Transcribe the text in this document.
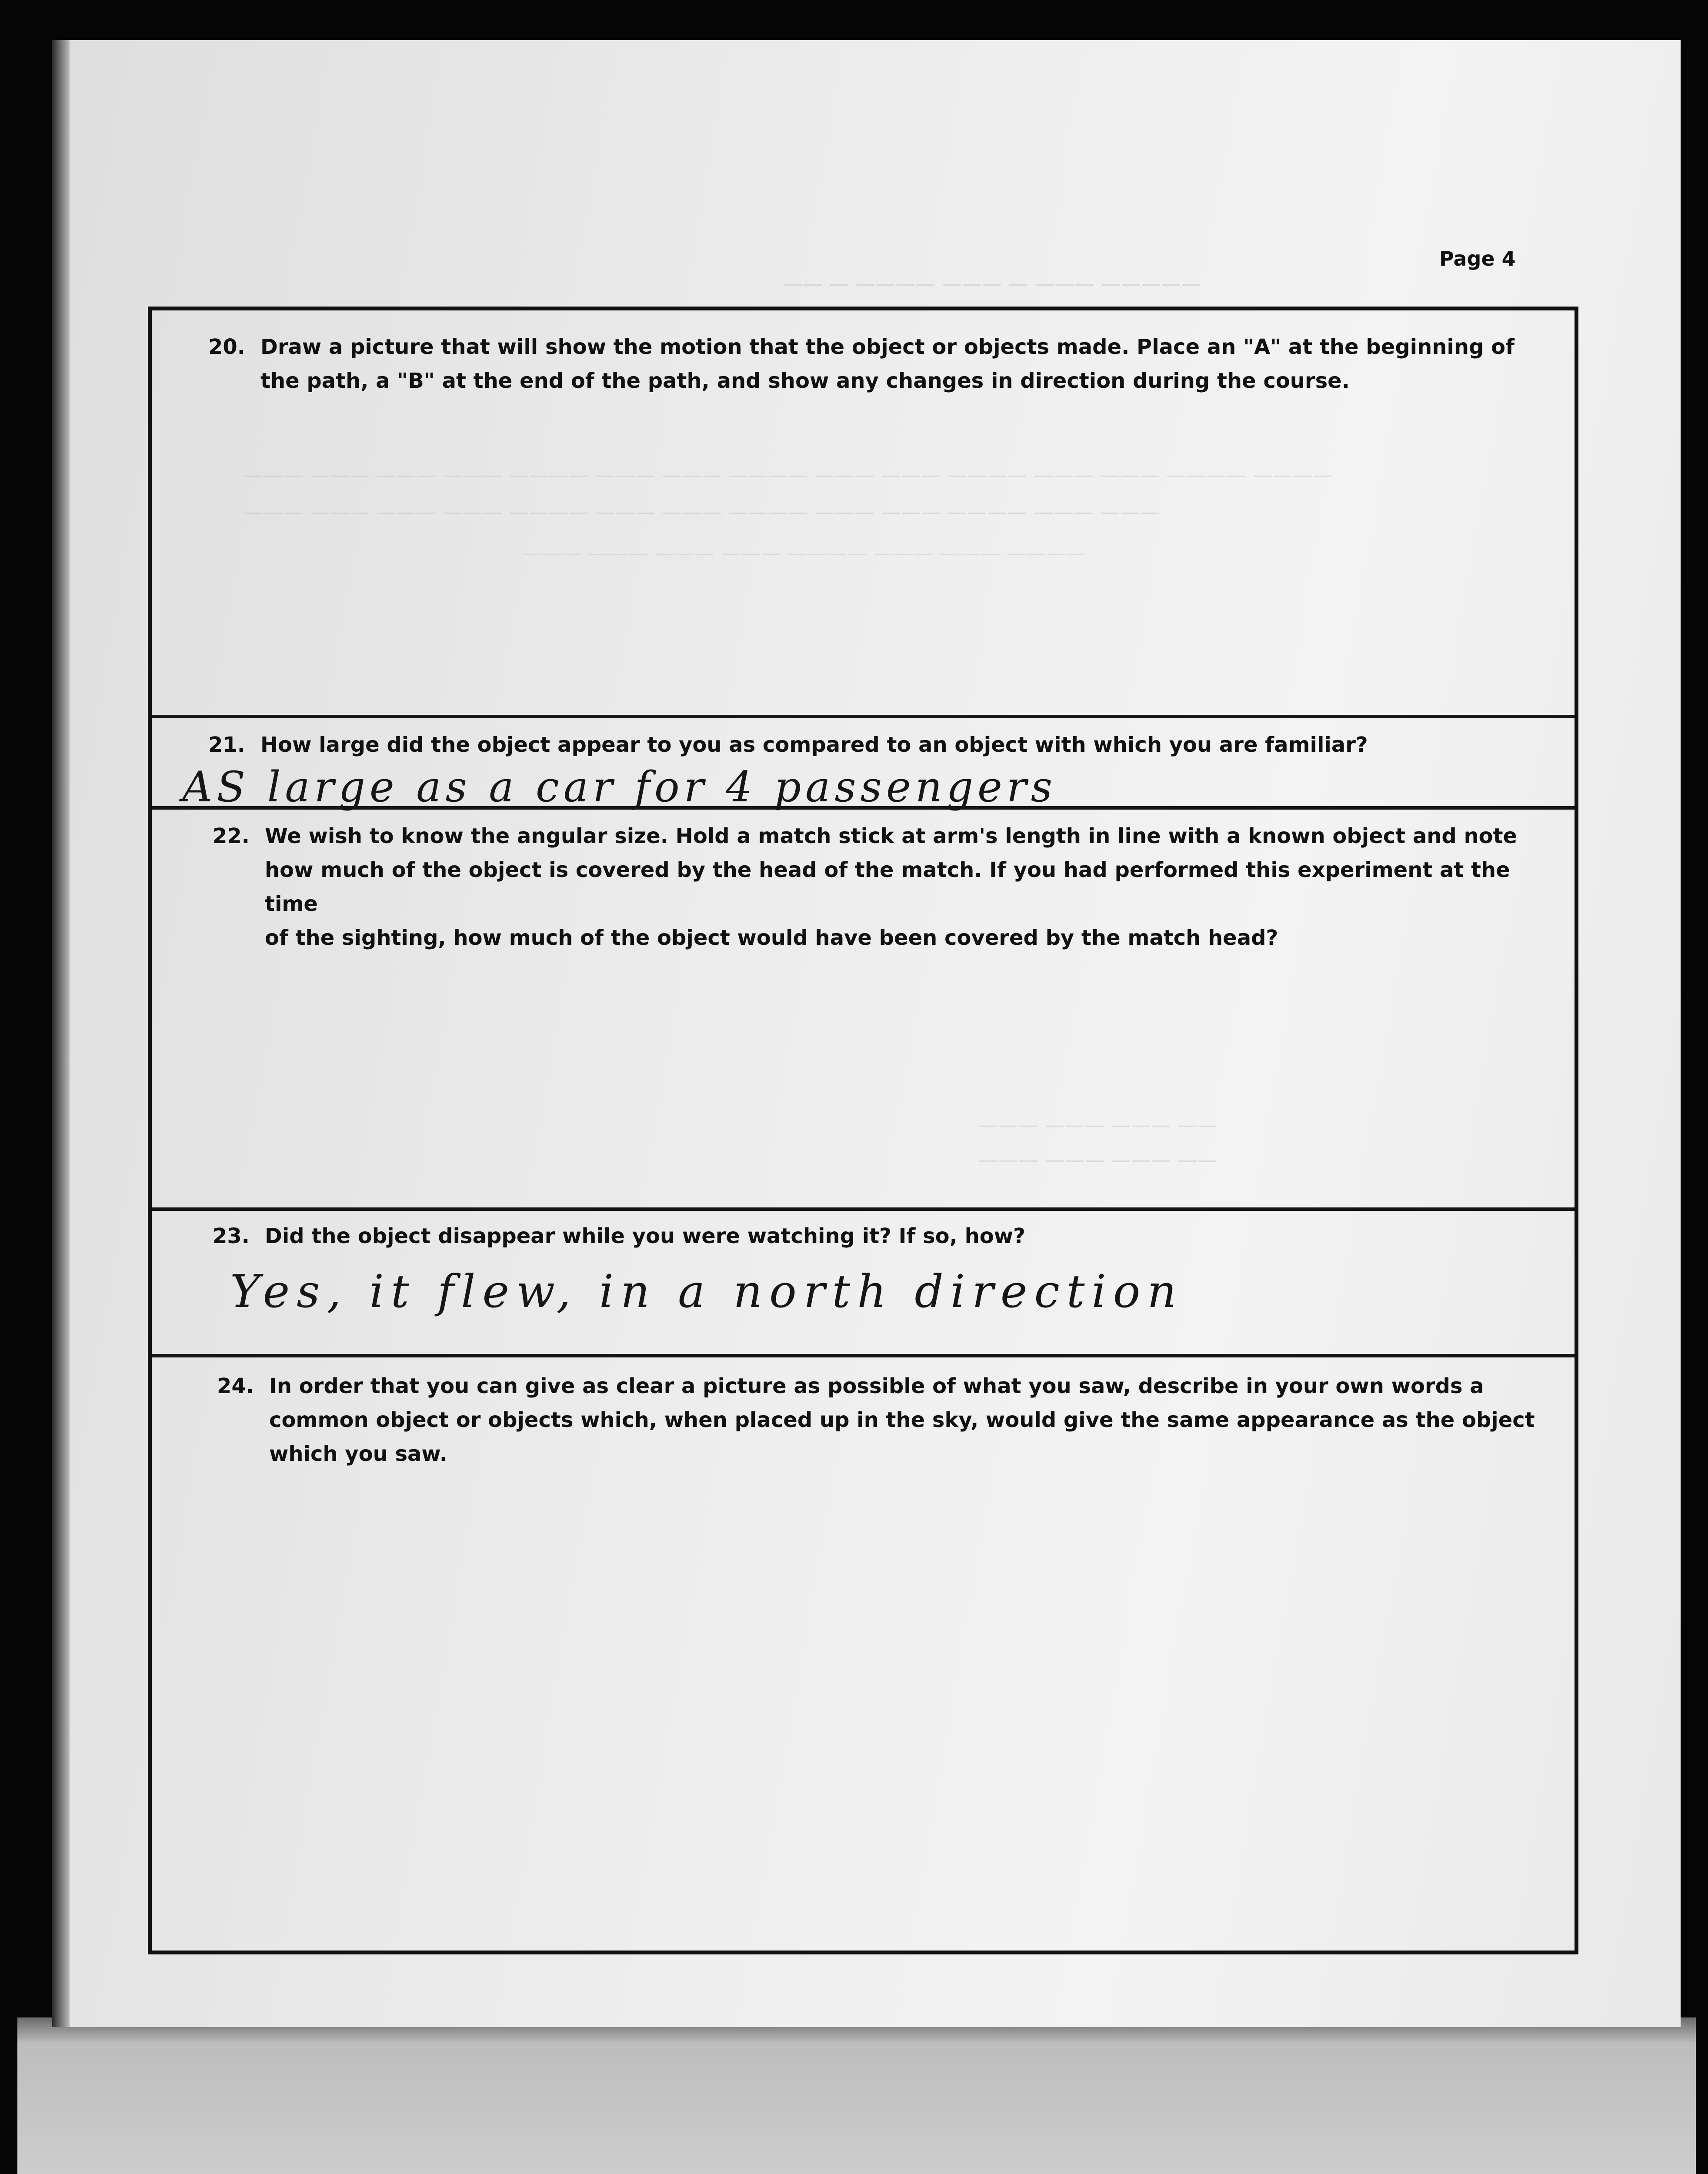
—— — ———— ——— — ——— —————
——— ——— ——— ——— ———— ——— ——— ———— ——— ——— ———— ——— ——— ———— ————
——— ——— ——— ——— ———— ——— ——— ———— ——— ——— ———— ——— ———
——— ——— ——— ——— ———— ——— ——— ————
——— ——— ——— ——
——— ——— ——— ——
Page 4
20. Draw a picture that will show the motion that the object or objects made. Place an "A" at the beginning of
the path, a "B" at the end of the path, and show any changes in direction during the course.
21. How large did the object appear to you as compared to an object with which you are familiar?
AS large as a car for 4 passengers
22. We wish to know the angular size. Hold a match stick at arm's length in line with a known object and note
how much of the object is covered by the head of the match. If you had performed this experiment at the time
of the sighting, how much of the object would have been covered by the match head?
23. Did the object disappear while you were watching it? If so, how?
Yes, it flew, in a north direction
24. In order that you can give as clear a picture as possible of what you saw, describe in your own words a
common object or objects which, when placed up in the sky, would give the same appearance as the object
which you saw.
